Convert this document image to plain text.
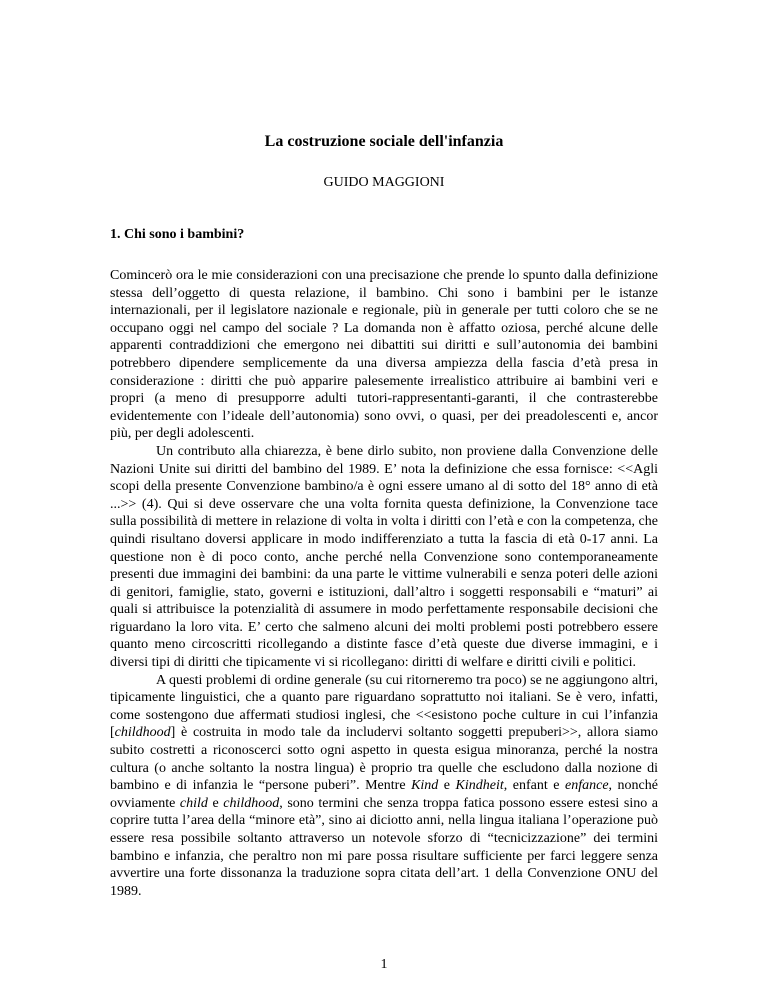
La costruzione sociale dell'infanzia
GUIDO MAGGIONI
1. Chi sono i bambini?

Comincerò ora le mie considerazioni con una precisazione che prende lo spunto dalla definizione stessa dell’oggetto di questa relazione, il bambino. Chi sono i bambini per le istanze internazionali, per il legislatore nazionale e regionale, più in generale per tutti coloro che se ne occupano oggi nel campo del sociale ? La domanda non è affatto oziosa, perché alcune delle apparenti contraddizioni che emergono nei dibattiti sui diritti e sull’autonomia dei bambini potrebbero dipendere semplicemente da una diversa ampiezza della fascia d’età presa in considerazione : diritti che può apparire palesemente irrealistico attribuire ai bambini veri e propri (a meno di presupporre adulti tutori-rappresentanti-garanti, il che contrasterebbe evidentemente con l’ideale dell’autonomia) sono ovvi, o quasi, per dei preadolescenti e, ancor più, per degli adolescenti.

Un contributo alla chiarezza, è bene dirlo subito, non proviene dalla Convenzione delle Nazioni Unite sui diritti del bambino del 1989. E’ nota la definizione che essa fornisce: <<Agli scopi della presente Convenzione bambino/a è ogni essere umano al di sotto del 18° anno di età ...>> (4). Qui si deve osservare che una volta fornita questa definizione, la Convenzione tace sulla possibilità di mettere in relazione di volta in volta i diritti con l’età e con la competenza, che quindi risultano doversi applicare in modo indifferenziato a tutta la fascia di età 0-17 anni. La questione non è di poco conto, anche perché nella Convenzione sono contemporaneamente presenti due immagini dei bambini: da una parte le vittime vulnerabili e senza poteri delle azioni di genitori, famiglie, stato, governi e istituzioni, dall’altro i soggetti responsabili e “maturi” ai quali si attribuisce la potenzialità di assumere in modo perfettamente responsabile decisioni che riguardano la loro vita. E’ certo che salmeno alcuni dei molti problemi posti potrebbero essere quanto meno circoscritti ricollegando a distinte fasce d’età queste due diverse immagini, e i diversi tipi di diritti che tipicamente vi si ricollegano: diritti di welfare e diritti civili e politici.

A questi problemi di ordine generale (su cui ritorneremo tra poco) se ne aggiungono altri, tipicamente linguistici, che a quanto pare riguardano soprattutto noi italiani. Se è vero, infatti, come sostengono due affermati studiosi inglesi, che <<esistono poche culture in cui l’infanzia [childhood] è costruita in modo tale da includervi soltanto soggetti prepuberi>>, allora siamo subito costretti a riconoscerci sotto ogni aspetto in questa esigua minoranza, perché la nostra cultura (o anche soltanto la nostra lingua) è proprio tra quelle che escludono dalla nozione di bambino e di infanzia le “persone puberi”. Mentre Kind e Kindheit, enfant e enfance, nonché ovviamente child e childhood, sono termini che senza troppa fatica possono essere estesi sino a coprire tutta l’area della “minore età”, sino ai diciotto anni, nella lingua italiana l’operazione può essere resa possibile soltanto attraverso un notevole sforzo di “tecnicizzazione” dei termini bambino e infanzia, che peraltro non mi pare possa risultare sufficiente per farci leggere senza avvertire una forte dissonanza la traduzione sopra citata dell’art. 1 della Convenzione ONU del 1989.

1
